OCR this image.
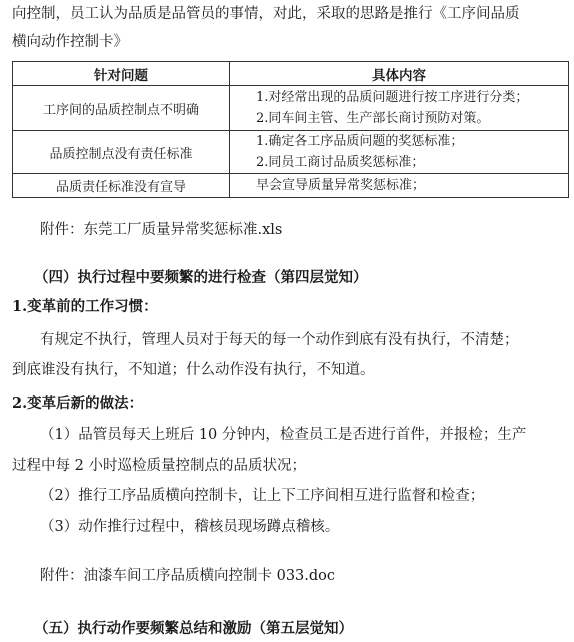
向控制，员工认为品质是品管员的事情，对此，采取的思路是推行《工序间品质
横向动作控制卡》
针对问题	具体内容
工序间的品质控制点不明确	1.对经常出现的品质问题进行按工序进行分类；
2.同车间主管、生产部长商讨预防对策。

品质控制点没有责任标准	1.确定各工序品质问题的奖惩标准；
2.同员工商讨品质奖惩标准；

品质责任标准没有宣导	早会宣导质量异常奖惩标准；
附件：东莞工厂质量异常奖惩标准.xls
（四）执行过程中要频繁的进行检查（第四层觉知）
1.变革前的工作习惯：
有规定不执行，管理人员对于每天的每一个动作到底有没有执行，不清楚；
到底谁没有执行，不知道；什么动作没有执行，不知道。
2.变革后新的做法：
（1）品管员每天上班后 10 分钟内，检查员工是否进行首件，并报检；生产
过程中每 2 小时巡检质量控制点的品质状况；
（2）推行工序品质横向控制卡，让上下工序间相互进行监督和检查；
（3）动作推行过程中，稽核员现场蹲点稽核。
附件：油漆车间工序品质横向控制卡 033.doc
（五）执行动作要频繁总结和激励（第五层觉知）
